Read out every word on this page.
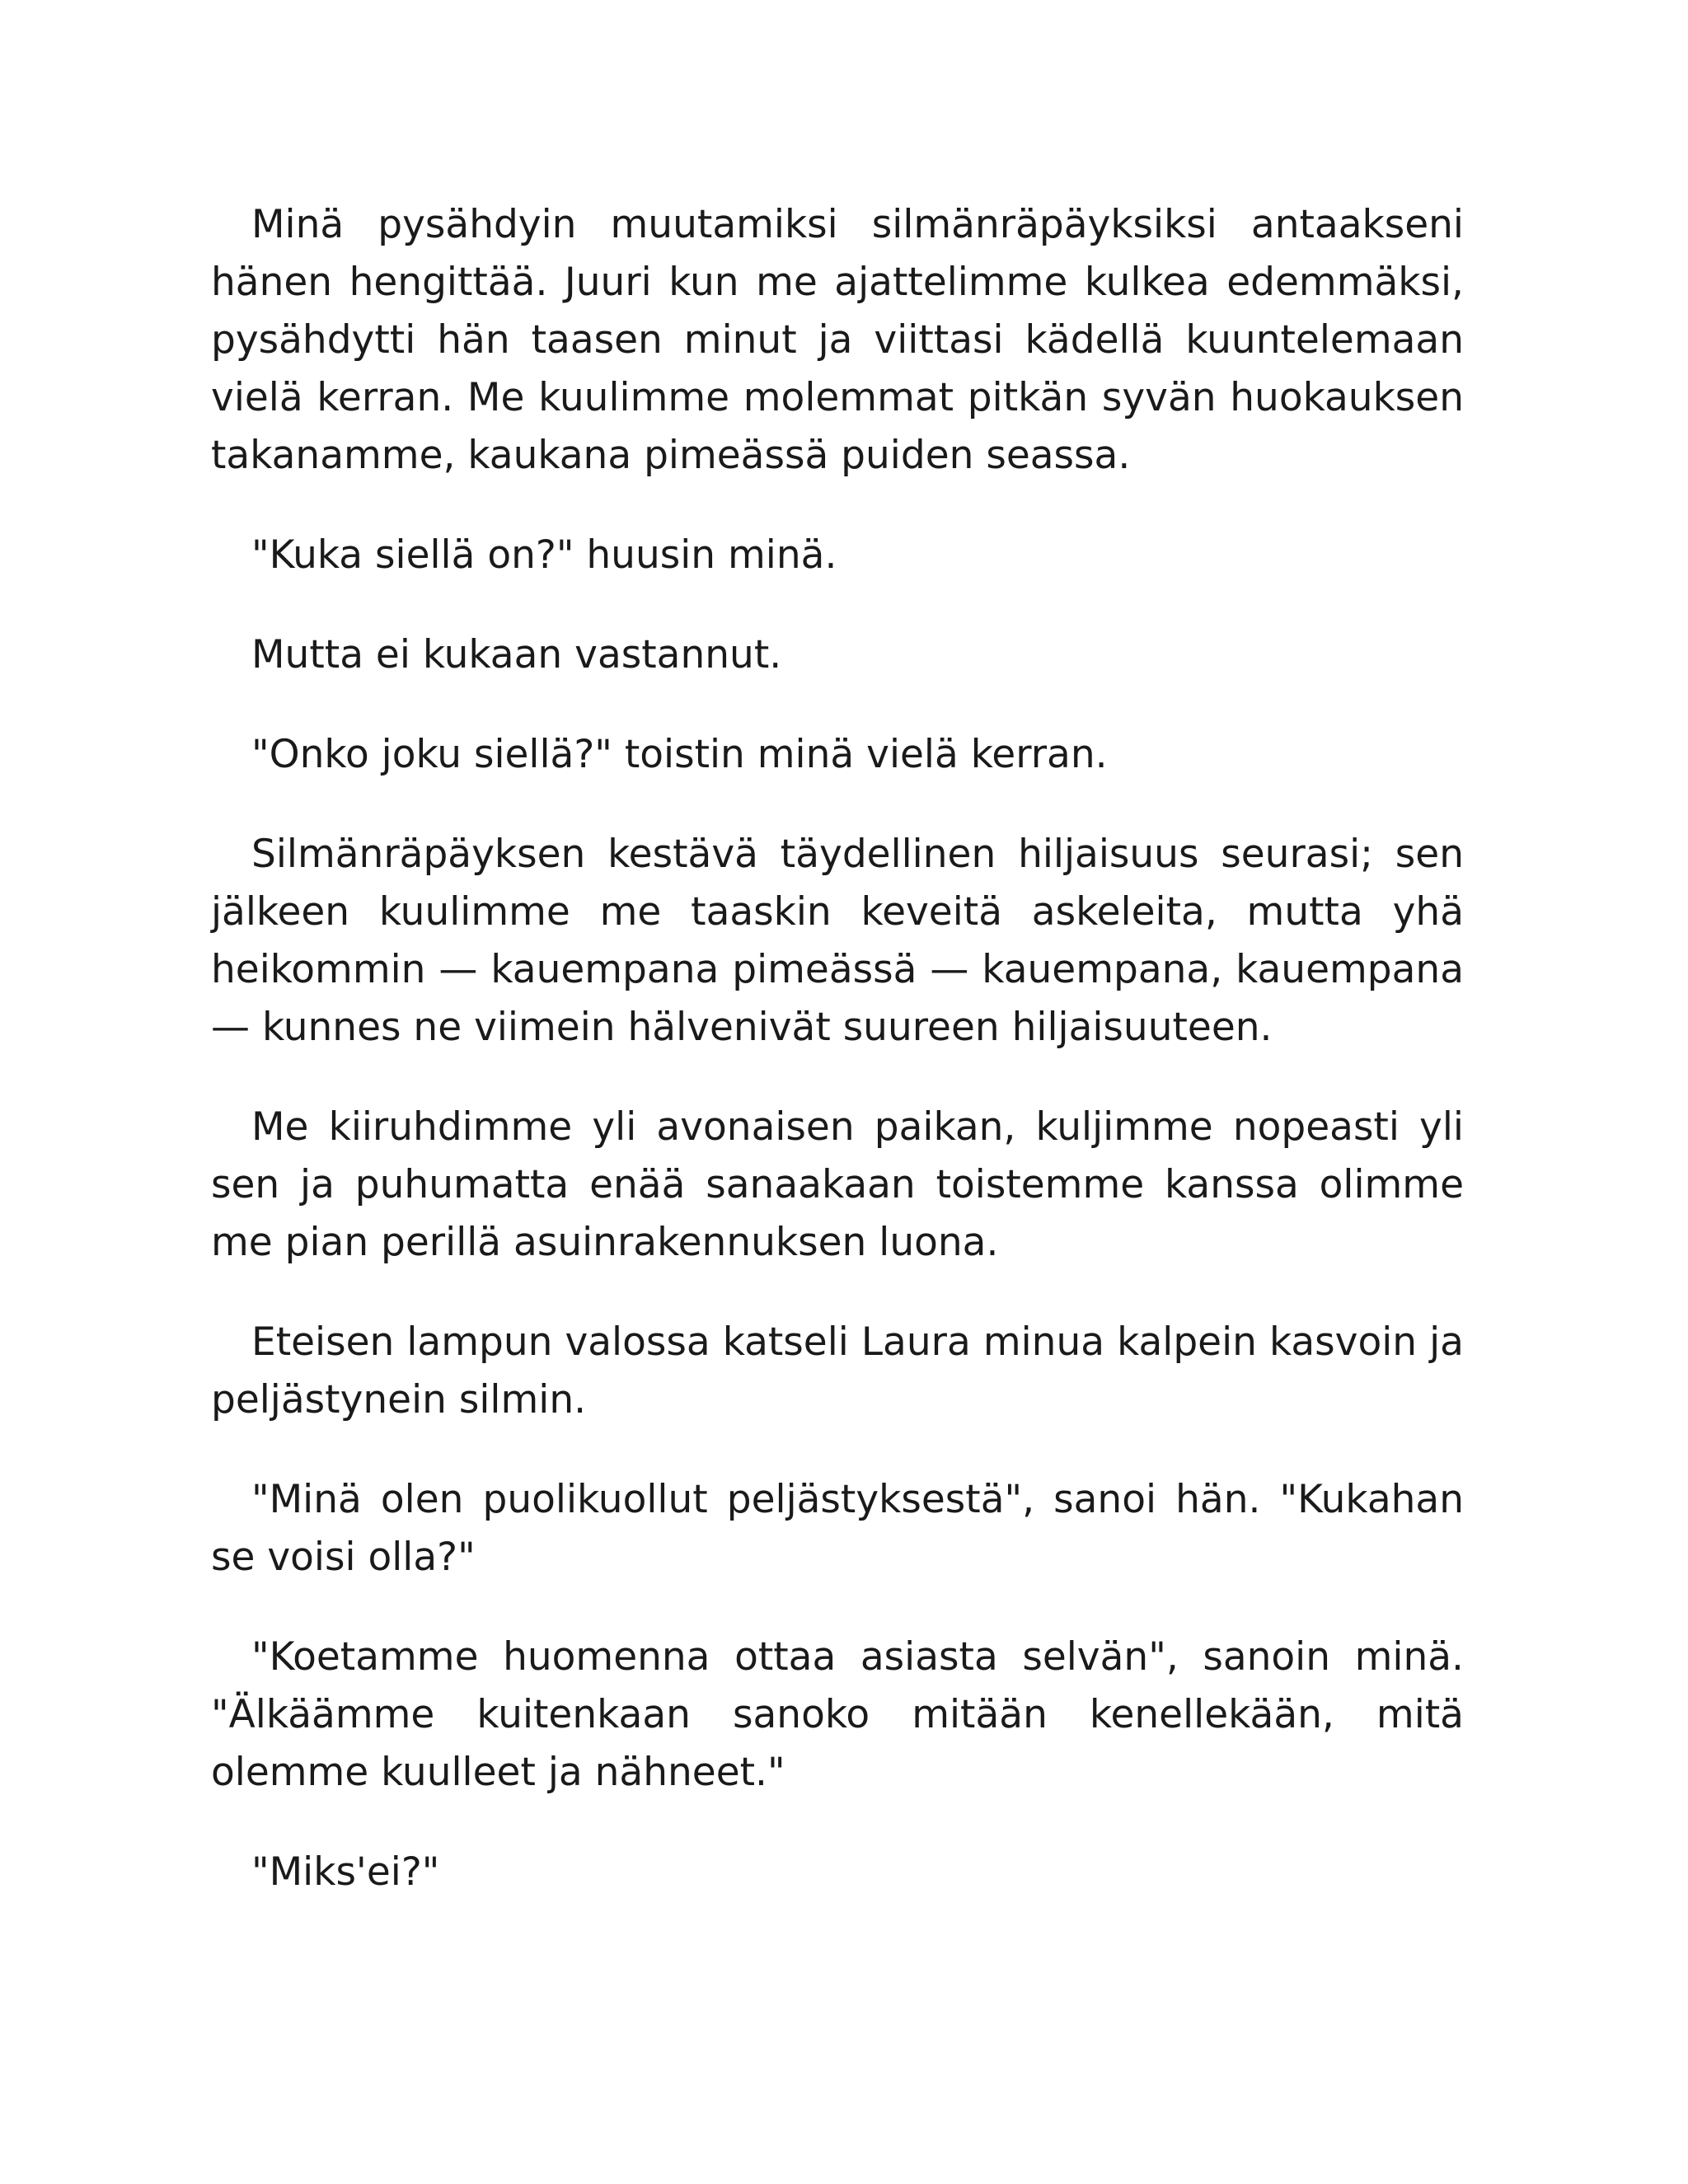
Minä pysähdyin muutamiksi silmänräpäyksiksi antaakseni hänen hengittää. Juuri kun me ajattelimme kulkea edemmäksi, pysähdytti hän taasen minut ja viittasi kädellä kuuntelemaan vielä kerran. Me kuulimme molemmat pitkän syvän huokauksen takanamme, kaukana pimeässä puiden seassa.

"Kuka siellä on?" huusin minä.

Mutta ei kukaan vastannut.

"Onko joku siellä?" toistin minä vielä kerran.

Silmänräpäyksen kestävä täydellinen hiljaisuus seurasi; sen jälkeen kuulimme me taaskin keveitä askeleita, mutta yhä heikommin — kauempana pimeässä — kauempana, kauempana — kunnes ne viimein hälvenivät suureen hiljaisuuteen.

Me kiiruhdimme yli avonaisen paikan, kuljimme nopeasti yli sen ja puhumatta enää sanaakaan toistemme kanssa olimme me pian perillä asuinrakennuksen luona.

Eteisen lampun valossa katseli Laura minua kalpein kasvoin ja peljästynein silmin.

"Minä olen puolikuollut peljästyksestä", sanoi hän. "Kukahan se voisi olla?"

"Koetamme huomenna ottaa asiasta selvän", sanoin minä. "Älkäämme kuitenkaan sanoko mitään kenellekään, mitä olemme kuulleet ja nähneet."

"Miks'ei?"
